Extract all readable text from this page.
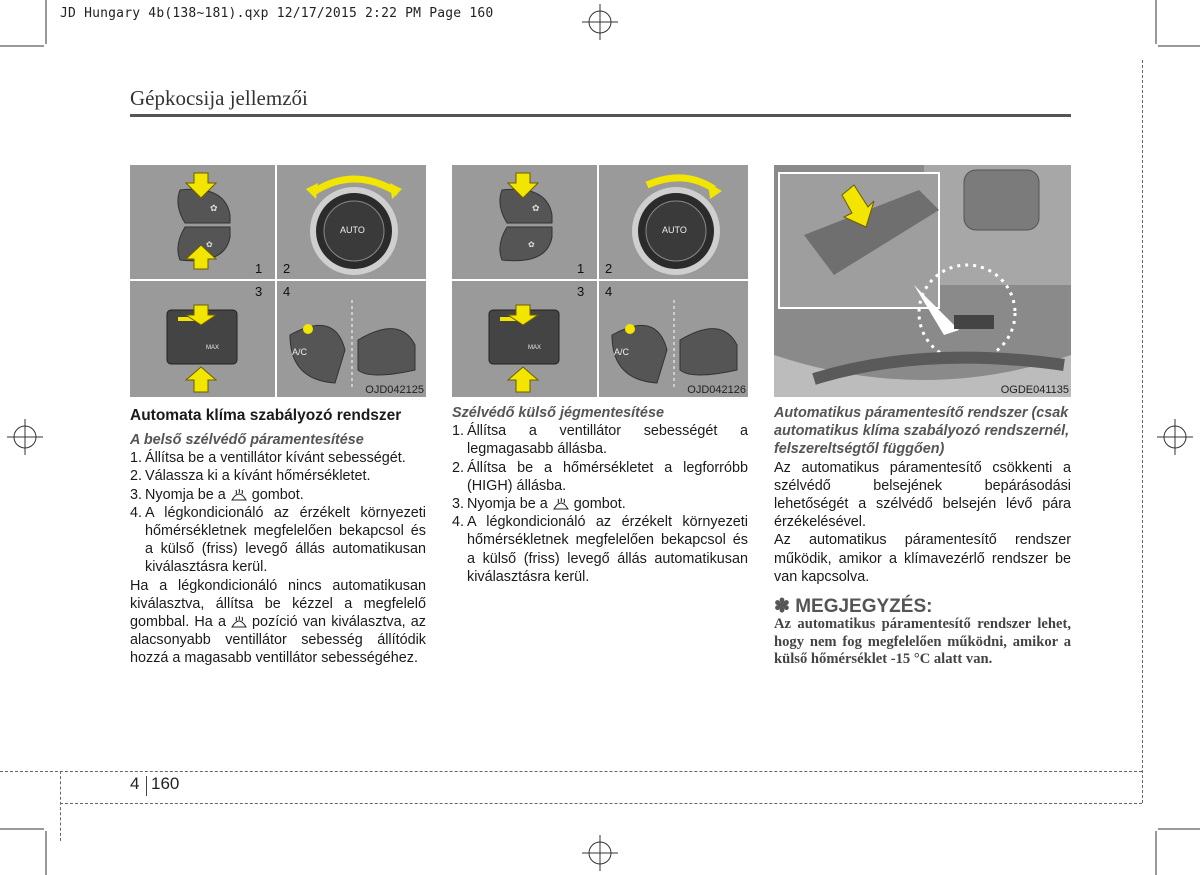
JD Hungary 4b(138~181).qxp 12/17/2015 2:22 PM Page 160
Gépkocsija jellemzői
✿
✿
1 2
3 4
AUTO
A/C
MAX
OJD042125
✿
✿
1 2
3 4
AUTO
A/C
MAX
OJD042126	OGDE041135
Automata klíma szabályozó rendszer
A belső szélvédő páramentesítése
1. Állítsa be a ventillátor kívánt sebességét.
2. Válassza ki a kívánt hőmérsékletet.
3. Nyomja be a gombot.
4. A légkondicionáló az érzékelt környezeti hőmérsékletnek megfelelően bekapcsol és a külső (friss) levegő állás automatikusan kiválasztásra kerül.
Ha a légkondicionáló nincs automatikusan kiválasztva, állítsa be kézzel a megfelelő gombbal. Ha a pozíció van kiválasztva, az alacsonyabb ventillátor sebesség állítódik hozzá a magasabb ventillátor sebességéhez.
Szélvédő külső jégmentesítése
1. Állítsa a ventillátor sebességét a legmagasabb állásba.
2. Állítsa be a hőmérsékletet a legforróbb (HIGH) állásba.
3. Nyomja be a gombot.
4. A légkondicionáló az érzékelt környezeti hőmérsékletnek megfelelően bekapcsol és a külső (friss) levegő állás automatikusan kiválasztásra kerül.
Automatikus páramentesítő rendszer (csak automatikus klíma szabályozó rendszernél, felszereltségtől függően)
Az automatikus páramentesítő csökkenti a szélvédő belsejének bepárásodási lehetőségét a szélvédő belsején lévő pára érzékelésével.
Az automatikus páramentesítő rendszer működik, amikor a klímavezérlő rendszer be van kapcsolva.
✽ MEGJEGYZÉS:
Az automatikus páramentesítő rendszer lehet, hogy nem fog megfelelően működni, amikor a külső hőmérséklet -15 °C alatt van.
4 160
